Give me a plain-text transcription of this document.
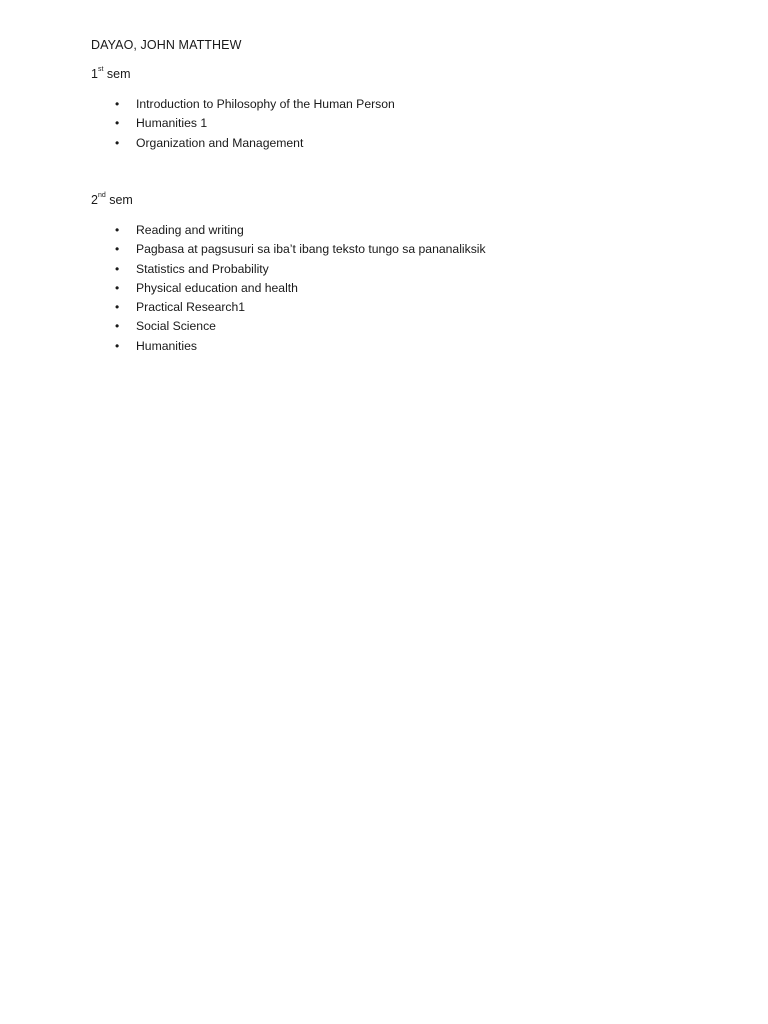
DAYAO, JOHN MATTHEW
1st sem
• Introduction to Philosophy of the Human Person
• Humanities 1
• Organization and Management
2nd sem
• Reading and writing
• Pagbasa at pagsusuri sa iba’t ibang teksto tungo sa pananaliksik
• Statistics and Probability
• Physical education and health
• Practical Research1
• Social Science
• Humanities
